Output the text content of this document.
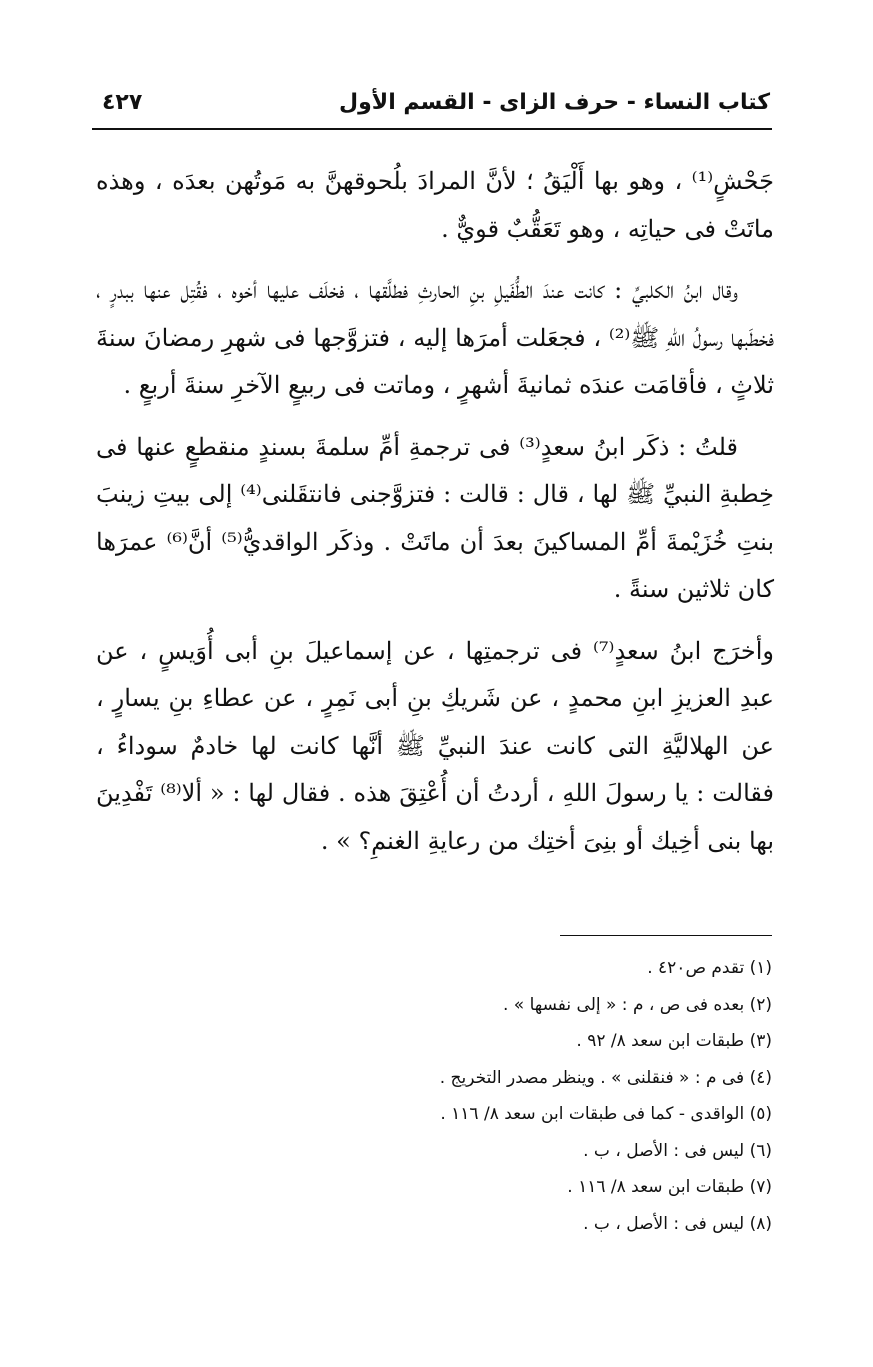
كتاب النساء - حرف الزاى - القسم الأول
٤٢٧

جَحْشٍ⁽¹⁾ ، وهو بها أَلْيَقُ ؛ لأنَّ المرادَ بلُحوقهنَّ به مَوتُهن بعدَه ، وهذه ماتَتْ فى حياتِه ، وهو تَعَقُّبٌ قويٌّ .

وقال ابنُ الكلبيِّ : كانت عندَ الطُّفَيلِ بنِ الحارثِ فطلَّقها ، فخلَف عليها أخوه ، فقُتِل عنها ببدرٍ ، فخطَبها رسولُ اللهِ ﷺ⁽²⁾ ، فجعَلت أمرَها إليه ، فتزوَّجها فى شهرِ رمضانَ سنةَ ثلاثٍ ، فأقامَت عندَه ثمانيةَ أشهرٍ ، وماتت فى ربيعٍ الآخرِ سنةَ أربعٍ .

قلتُ : ذكَر ابنُ سعدٍ⁽³⁾ فى ترجمةِ أمِّ سلمةَ بسندٍ منقطعٍ عنها فى خِطبةِ النبيِّ ﷺ لها ، قال : قالت : فتزوَّجنى فانتقَلنى⁽⁴⁾ إلى بيتِ زينبَ بنتِ خُزَيْمةَ أمِّ المساكينَ بعدَ أن ماتَتْ . وذكَر الواقديُّ⁽⁵⁾ أنَّ⁽⁶⁾ عمرَها كان ثلاثين سنةً .

وأخرَج ابنُ سعدٍ⁽⁷⁾ فى ترجمتِها ، عن إسماعيلَ بنِ أبى أُوَيسٍ ، عن عبدِ العزيزِ ابنِ محمدٍ ، عن شَريكِ بنِ أبى نَمِرٍ ، عن عطاءِ بنِ يسارٍ ، عن الهلاليَّةِ التى كانت عندَ النبيِّ ﷺ أنَّها كانت لها خادمٌ سوداءُ ، فقالت : يا رسولَ اللهِ ، أردتُ أن أُعْتِقَ هذه . فقال لها : « ألا⁽⁸⁾ تَفْدِينَ بها بنى أخِيك أو بنِىَ أختِك من رعايةِ الغنمِ؟ » .

(١) تقدم ص٤٢٠ .
(٢) بعده فى ص ، م : « إلى نفسها » .
(٣) طبقات ابن سعد ٨/ ٩٢ .
(٤) فى م : « فنقلنى » . وينظر مصدر التخريج .
(٥) الواقدى - كما فى طبقات ابن سعد ٨/ ١١٦ .
(٦) ليس فى : الأصل ، ب .
(٧) طبقات ابن سعد ٨/ ١١٦ .
(٨) ليس فى : الأصل ، ب .
